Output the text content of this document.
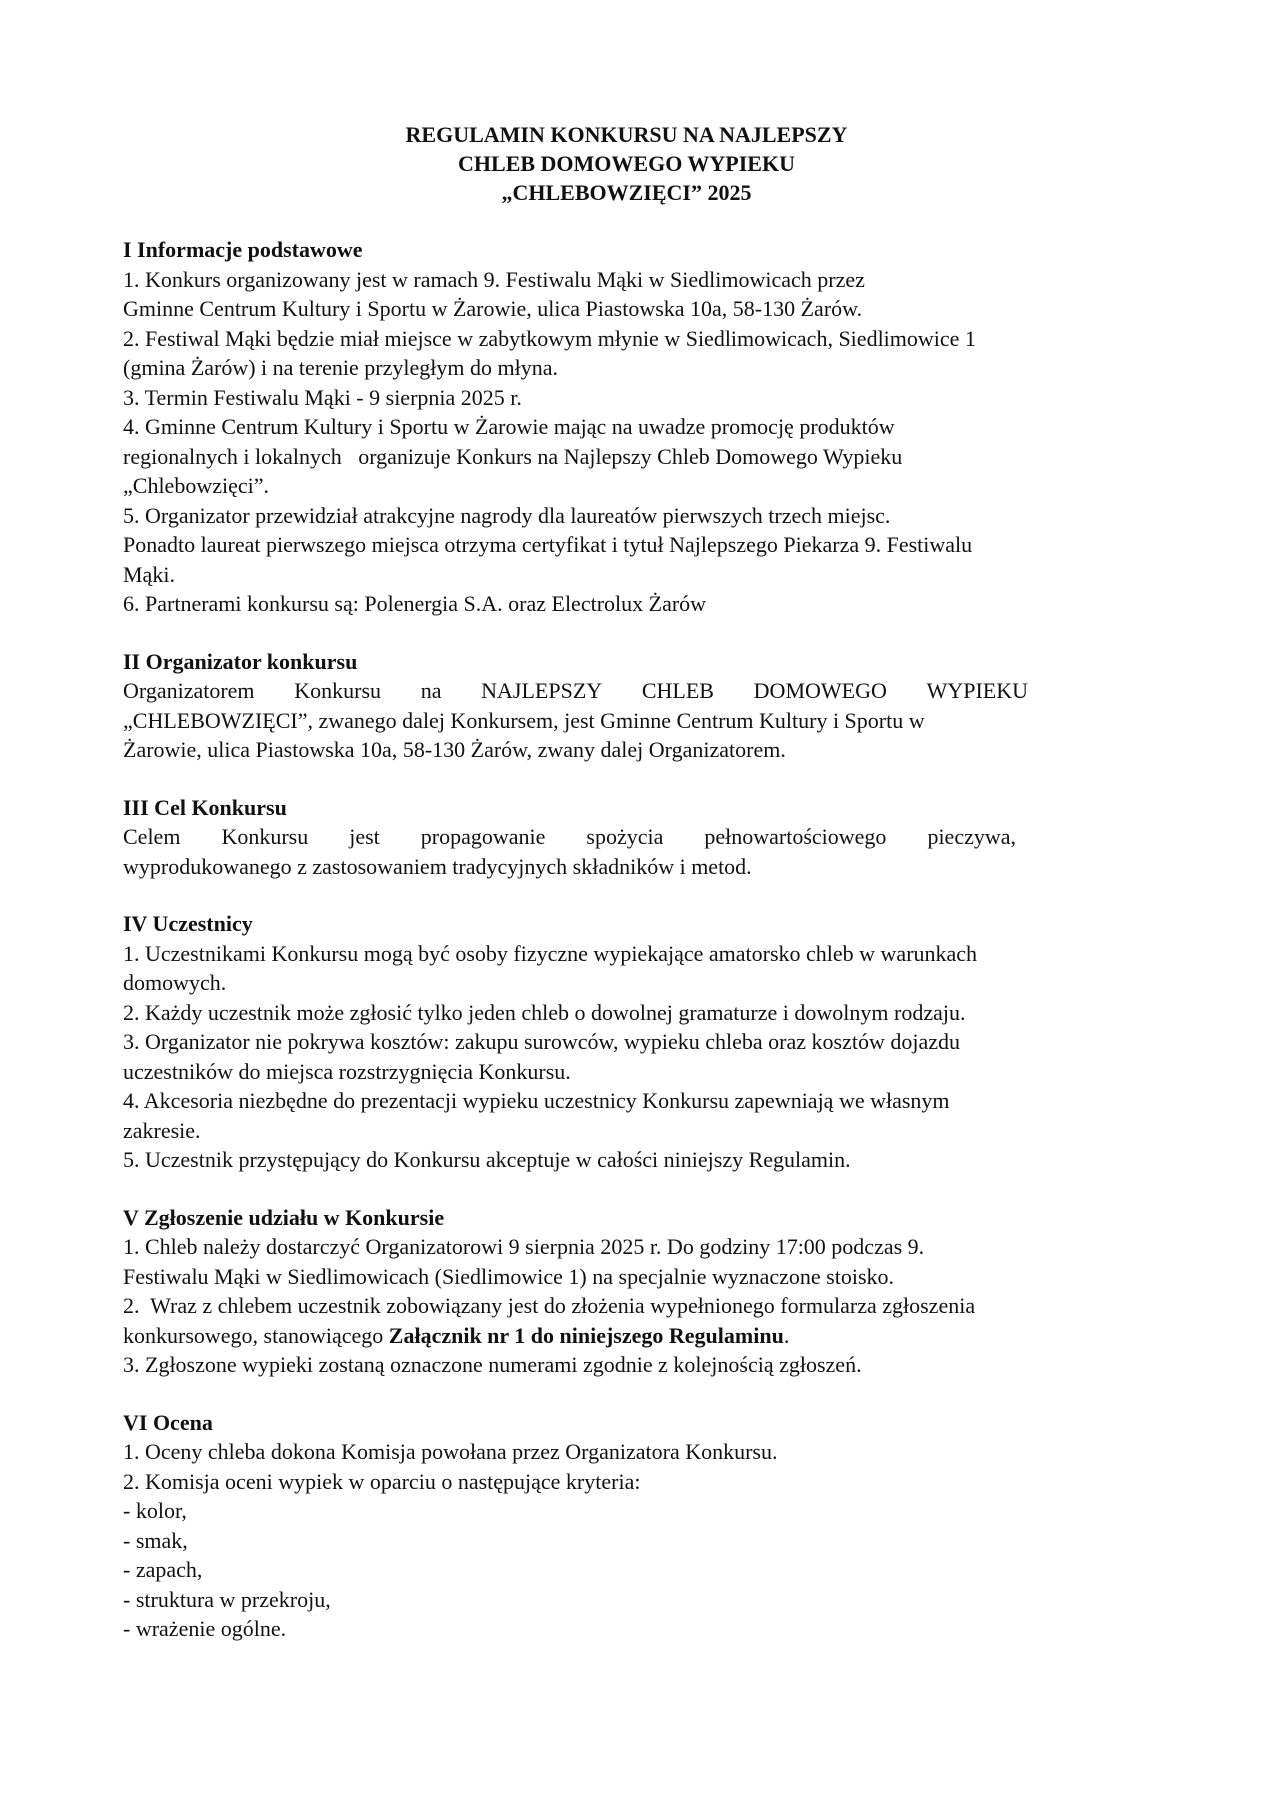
REGULAMIN KONKURSU NA NAJLEPSZY
CHLEB DOMOWEGO WYPIEKU
„CHLEBOWZIĘCI” 2025
I Informacje podstawowe
1. Konkurs organizowany jest w ramach 9. Festiwalu Mąki w Siedlimowicach przez
Gminne Centrum Kultury i Sportu w Żarowie, ulica Piastowska 10a, 58-130 Żarów.
2. Festiwal Mąki będzie miał miejsce w zabytkowym młynie w Siedlimowicach, Siedlimowice 1
(gmina Żarów) i na terenie przyległym do młyna.
3. Termin Festiwalu Mąki - 9 sierpnia 2025 r.
4. Gminne Centrum Kultury i Sportu w Żarowie mając na uwadze promocję produktów
regionalnych i lokalnych   organizuje Konkurs na Najlepszy Chleb Domowego Wypieku
„Chlebowzięci”.
5. Organizator przewidział atrakcyjne nagrody dla laureatów pierwszych trzech miejsc.
Ponadto laureat pierwszego miejsca otrzyma certyfikat i tytuł Najlepszego Piekarza 9. Festiwalu
Mąki.
6. Partnerami konkursu są: Polenergia S.A. oraz Electrolux Żarów
II Organizator konkursu
Organizatorem Konkursu na NAJLEPSZY CHLEB DOMOWEGO WYPIEKU
„CHLEBOWZIĘCI”, zwanego dalej Konkursem, jest Gminne Centrum Kultury i Sportu w
Żarowie, ulica Piastowska 10a, 58-130 Żarów, zwany dalej Organizatorem.
III Cel Konkursu
Celem Konkursu jest propagowanie spożycia pełnowartościowego pieczywa,
wyprodukowanego z zastosowaniem tradycyjnych składników i metod.
IV Uczestnicy
1. Uczestnikami Konkursu mogą być osoby fizyczne wypiekające amatorsko chleb w warunkach
domowych.
2. Każdy uczestnik może zgłosić tylko jeden chleb o dowolnej gramaturze i dowolnym rodzaju.
3. Organizator nie pokrywa kosztów: zakupu surowców, wypieku chleba oraz kosztów dojazdu
uczestników do miejsca rozstrzygnięcia Konkursu.
4. Akcesoria niezbędne do prezentacji wypieku uczestnicy Konkursu zapewniają we własnym
zakresie.
5. Uczestnik przystępujący do Konkursu akceptuje w całości niniejszy Regulamin.
V Zgłoszenie udziału w Konkursie
1. Chleb należy dostarczyć Organizatorowi 9 sierpnia 2025 r. Do godziny 17:00 podczas 9.
Festiwalu Mąki w Siedlimowicach (Siedlimowice 1) na specjalnie wyznaczone stoisko.
2.  Wraz z chlebem uczestnik zobowiązany jest do złożenia wypełnionego formularza zgłoszenia
konkursowego, stanowiącego Załącznik nr 1 do niniejszego Regulaminu.
3. Zgłoszone wypieki zostaną oznaczone numerami zgodnie z kolejnością zgłoszeń.
VI Ocena
1. Oceny chleba dokona Komisja powołana przez Organizatora Konkursu.
2. Komisja oceni wypiek w oparciu o następujące kryteria:
- kolor,
- smak,
- zapach,
- struktura w przekroju,
- wrażenie ogólne.
